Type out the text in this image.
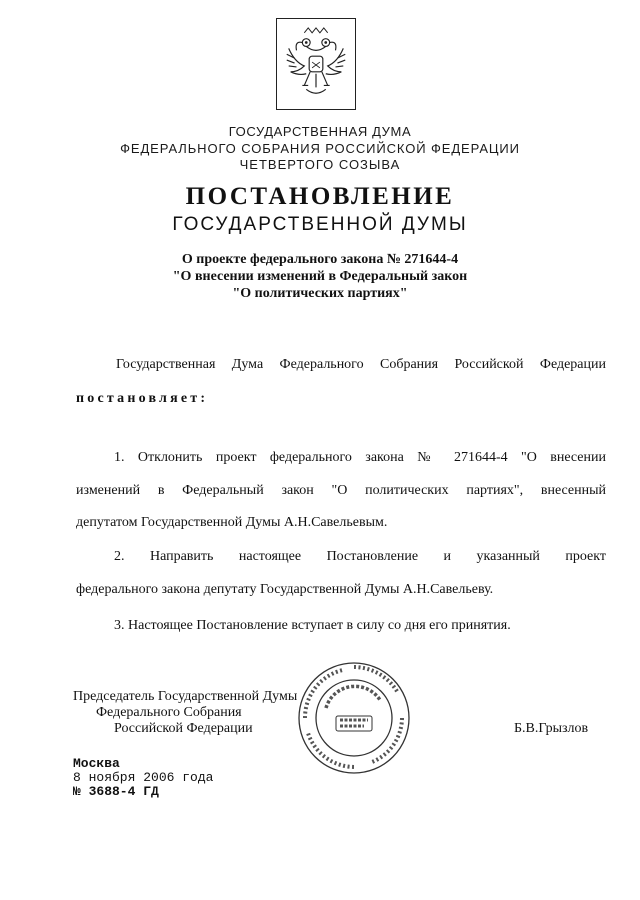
ГОСУДАРСТВЕННАЯ ДУМА
ФЕДЕРАЛЬНОГО СОБРАНИЯ РОССИЙСКОЙ ФЕДЕРАЦИИ
ЧЕТВЕРТОГО СОЗЫВА
ПОСТАНОВЛЕНИЕ
ГОСУДАРСТВЕННОЙ ДУМЫ
О проекте федерального закона № 271644-4
"О внесении изменений в Федеральный закон
"О политических партиях"
Государственная Дума Федерального Собрания Российской Федерации
постановляет:
1. Отклонить проект федерального закона № 271644-4 "О внесении
изменений в Федеральный закон "О политических партиях", внесенный
депутатом Государственной Думы А.Н.Савельевым.
2. Направить настоящее Постановление и указанный проект
федерального закона депутату Государственной Думы А.Н.Савельеву.
3. Настоящее Постановление вступает в силу со дня его принятия.
Председатель Государственной Думы
Федерального Собрания
Российской Федерации	Б.В.Грызлов
Москва
8 ноября 2006 года
№ 3688-4 ГД
